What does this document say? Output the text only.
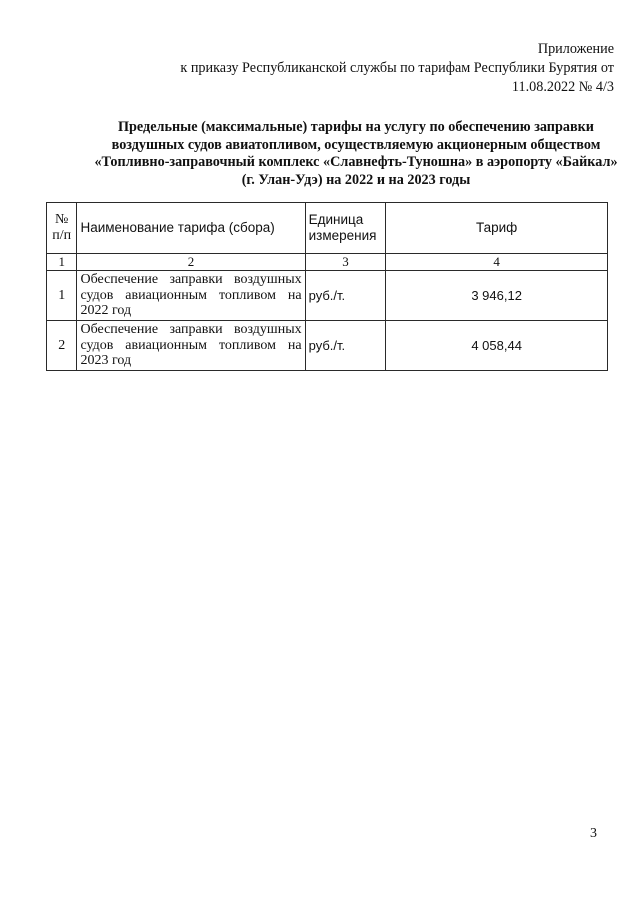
Приложение
к приказу Республиканской службы по тарифам Республики Бурятия от
11.08.2022 № 4/3
Предельные (максимальные) тарифы на услугу по обеспечению заправки воздушных судов авиатопливом, осуществляемую акционерным обществом «Топливно-заправочный комплекс «Славнефть-Туношна» в аэропорту «Байкал» (г. Улан-Удэ) на 2022 и на 2023 годы
№ п/п	Наименование тарифа (сбора)	Единица измерения	Тариф
1	2	3	4
1	Обеспечение заправки воздушных судов авиационным топливом на 2022 год	руб./т.	3 946,12
2	Обеспечение заправки воздушных судов авиационным топливом на 2023 год	руб./т.	4 058,44
3
